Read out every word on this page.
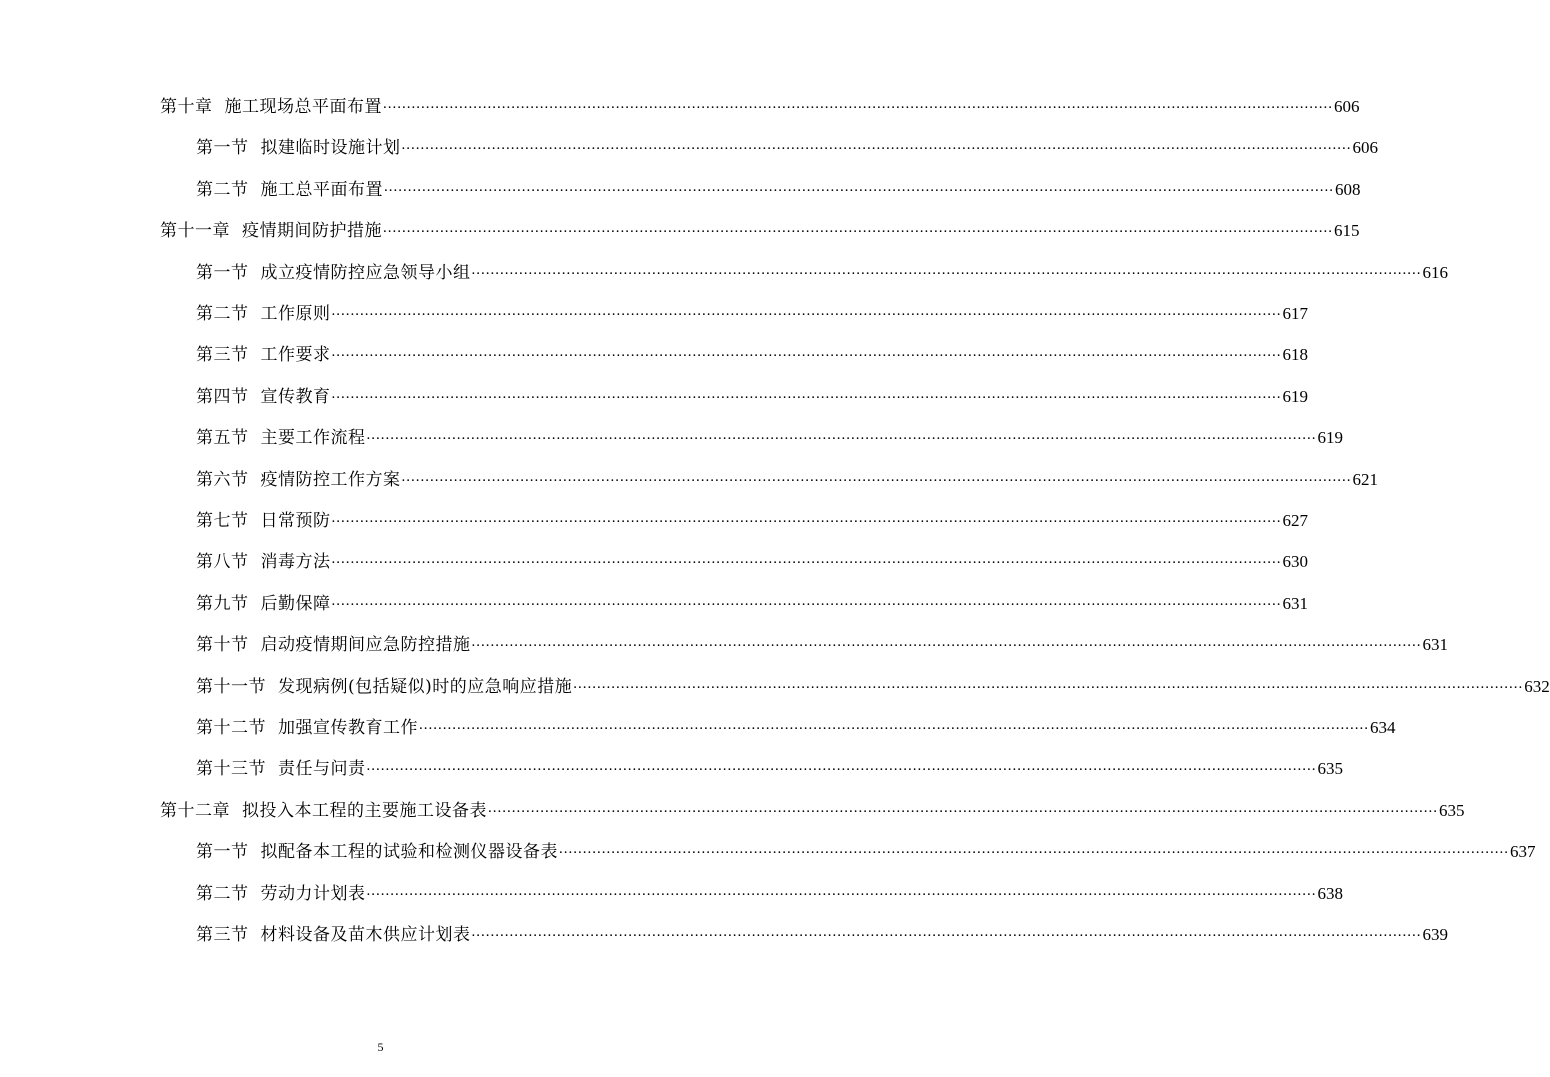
第十章 施工现场总平面布置 ........................................................................................................................................................................................................ 606
第一节 拟建临时设施计划 ........................................................................................................................................................................................................ 606
第二节 施工总平面布置 ........................................................................................................................................................................................................ 608
第十一章 疫情期间防护措施 ........................................................................................................................................................................................................ 615
第一节 成立疫情防控应急领导小组 ........................................................................................................................................................................................................ 616
第二节 工作原则 ........................................................................................................................................................................................................ 617
第三节 工作要求 ........................................................................................................................................................................................................ 618
第四节 宣传教育 ........................................................................................................................................................................................................ 619
第五节 主要工作流程 ........................................................................................................................................................................................................ 619
第六节 疫情防控工作方案 ........................................................................................................................................................................................................ 621
第七节 日常预防 ........................................................................................................................................................................................................ 627
第八节 消毒方法 ........................................................................................................................................................................................................ 630
第九节 后勤保障 ........................................................................................................................................................................................................ 631
第十节 启动疫情期间应急防控措施 ........................................................................................................................................................................................................ 631
第十一节 发现病例(包括疑似)时的应急响应措施 ........................................................................................................................................................................................................ 632
第十二节 加强宣传教育工作 ........................................................................................................................................................................................................ 634
第十三节 责任与问责 ........................................................................................................................................................................................................ 635
第十二章 拟投入本工程的主要施工设备表 ........................................................................................................................................................................................................ 635
第一节 拟配备本工程的试验和检测仪器设备表 ........................................................................................................................................................................................................ 637
第二节 劳动力计划表 ........................................................................................................................................................................................................ 638
第三节 材料设备及苗木供应计划表 ........................................................................................................................................................................................................ 639
5
